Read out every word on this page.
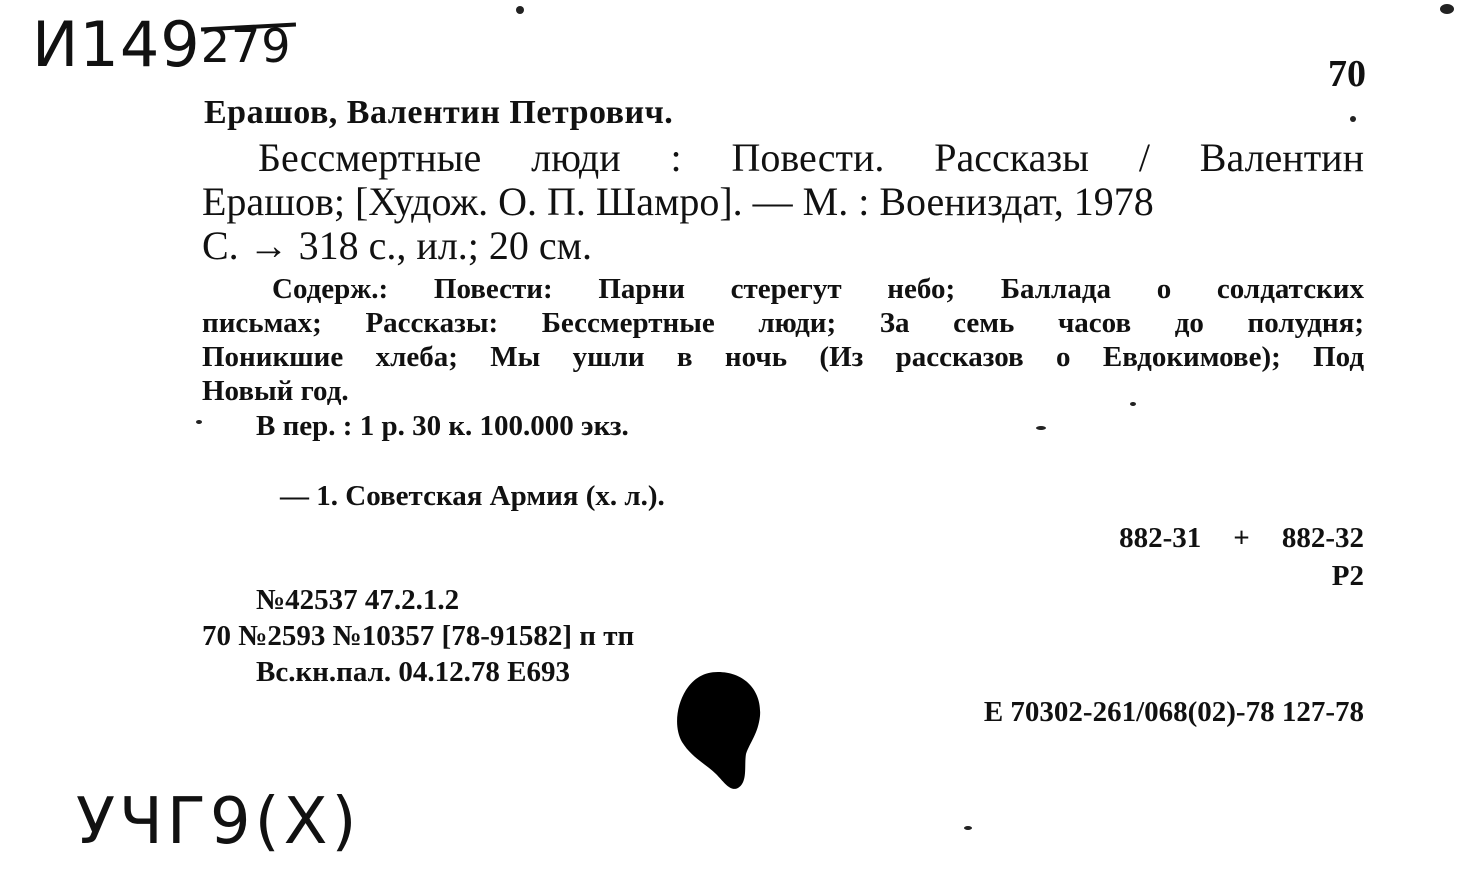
И149279
70
Ерашов, Валентин Петрович.
Бессмертные люди : Повести. Рассказы / Валентин
Ерашов; [Худож. О. П. Шамро]. — М. : Воениздат, 1978
С. → 318 с., ил.; 20 см.
Содерж.: Повести: Парни стерегут небо; Баллада о солдатских
письмах; Рассказы: Бессмертные люди; За семь часов до полудня;
Поникшие хлеба; Мы ушли в ночь (Из рассказов о Евдокимове); Под
Новый год.
В пер. : 1 р. 30 к. 100.000 экз.
— 1. Советская Армия (х. л.).
882-31 + 882-32
Р2
№42537 47.2.1.2
70 №2593 №10357 [78-91582] п тп
Вс.кн.пал. 04.12.78 Е693
Е 70302-261/068(02)-78 127-78
УЧГ9(Х)
